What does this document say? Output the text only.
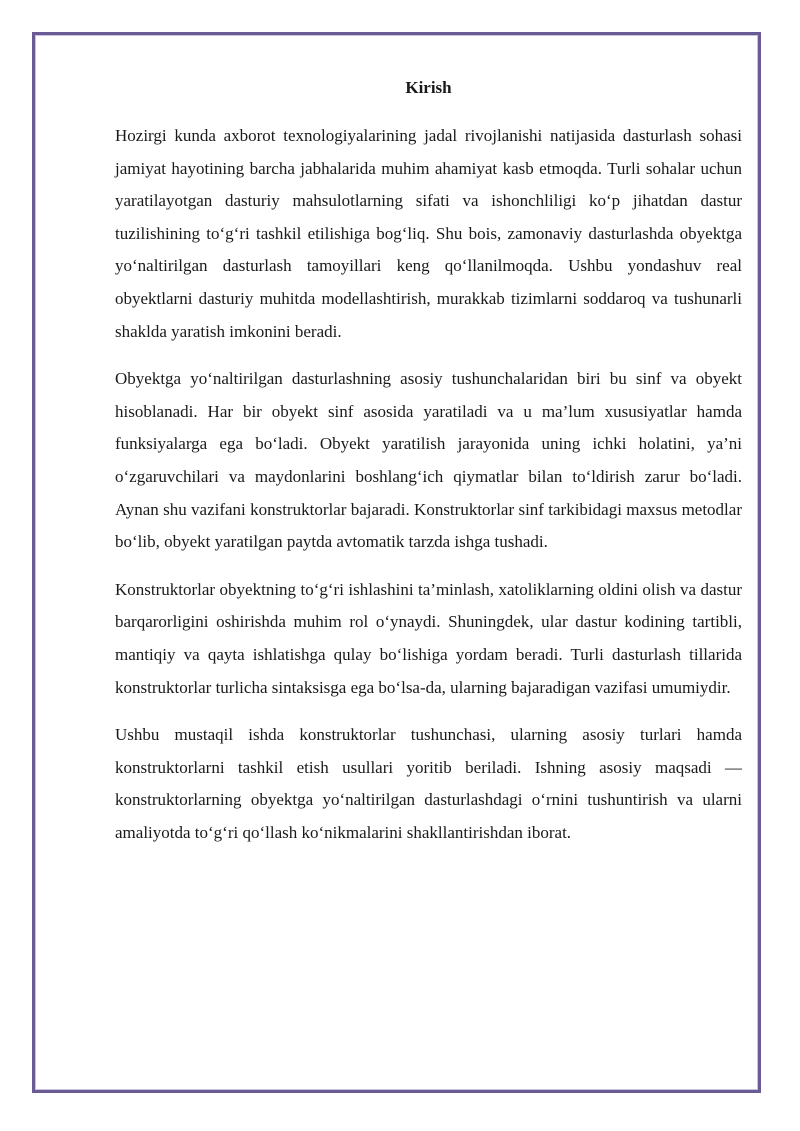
Kirish

Hozirgi kunda axborot texnologiyalarining jadal rivojlanishi natijasida dasturlash sohasi jamiyat hayotining barcha jabhalarida muhim ahamiyat kasb etmoqda. Turli sohalar uchun yaratilayotgan dasturiy mahsulotlarning sifati va ishonchliligi ko‘p jihatdan dastur tuzilishining to‘g‘ri tashkil etilishiga bog‘liq. Shu bois, zamonaviy dasturlashda obyektga yo‘naltirilgan dasturlash tamoyillari keng qo‘llanilmoqda. Ushbu yondashuv real obyektlarni dasturiy muhitda modellashtirish, murakkab tizimlarni soddaroq va tushunarli shaklda yaratish imkonini beradi.

Obyektga yo‘naltirilgan dasturlashning asosiy tushunchalaridan biri bu sinf va obyekt hisoblanadi. Har bir obyekt sinf asosida yaratiladi va u ma’lum xususiyatlar hamda funksiyalarga ega bo‘ladi. Obyekt yaratilish jarayonida uning ichki holatini, ya’ni o‘zgaruvchilari va maydonlarini boshlang‘ich qiymatlar bilan to‘ldirish zarur bo‘ladi. Aynan shu vazifani konstruktorlar bajaradi. Konstruktorlar sinf tarkibidagi maxsus metodlar bo‘lib, obyekt yaratilgan paytda avtomatik tarzda ishga tushadi.

Konstruktorlar obyektning to‘g‘ri ishlashini ta’minlash, xatoliklarning oldini olish va dastur barqarorligini oshirishda muhim rol o‘ynaydi. Shuningdek, ular dastur kodining tartibli, mantiqiy va qayta ishlatishga qulay bo‘lishiga yordam beradi. Turli dasturlash tillarida konstruktorlar turlicha sintaksisga ega bo‘lsa-da, ularning bajaradigan vazifasi umumiydir.

Ushbu mustaqil ishda konstruktorlar tushunchasi, ularning asosiy turlari hamda konstruktorlarni tashkil etish usullari yoritib beriladi. Ishning asosiy maqsadi — konstruktorlarning obyektga yo‘naltirilgan dasturlashdagi o‘rnini tushuntirish va ularni amaliyotda to‘g‘ri qo‘llash ko‘nikmalarini shakllantirishdan iborat.
